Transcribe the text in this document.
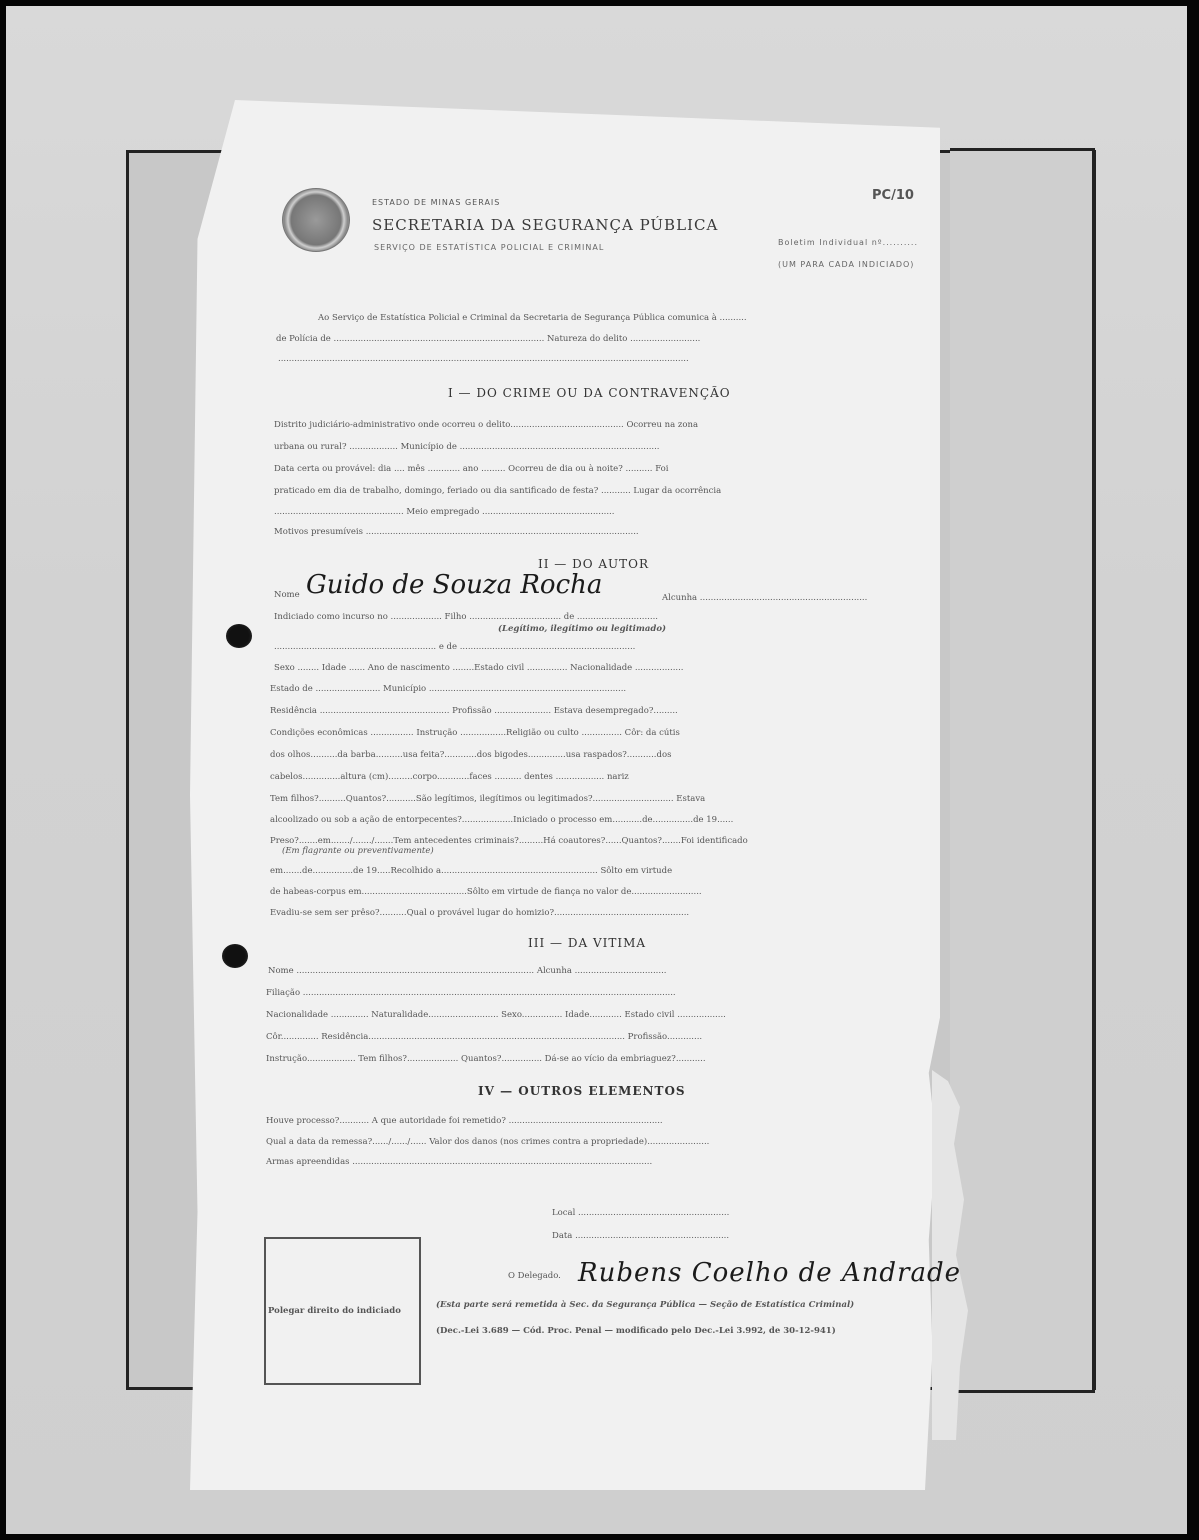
ESTADO DE MINAS GERAIS
SECRETARIA DA SEGURANÇA PÚBLICA
SERVIÇO DE ESTATÍSTICA POLICIAL E CRIMINAL
PC/10
Boletim Individual nº..........
(UM PARA CADA INDICIADO)
Ao Serviço de Estatística Policial e Criminal da Secretaria de Segurança Pública comunica à ..........
de Polícia de .............................................................................. Natureza do delito ..........................
........................................................................................................................................................
I — DO CRIME OU DA CONTRAVENÇÃO
Distrito judiciário-administrativo onde ocorreu o delito.......................................... Ocorreu na zona
urbana ou rural? .................. Município de ..........................................................................
Data certa ou provável: dia .... mês ............ ano ......... Ocorreu de dia ou à noite? .......... Foi
praticado em dia de trabalho, domingo, feriado ou dia santificado de festa? ........... Lugar da ocorrência
................................................ Meio empregado .................................................
Motivos presumíveis .....................................................................................................
II — DO AUTOR
Nome Guido de Souza Rocha	Alcunha ..............................................................
Indiciado como incurso no ................... Filho .................................. de ..............................
(Legítimo, ilegítimo ou legitimado)
............................................................ e de .................................................................
Sexo ........ Idade ...... Ano de nascimento ........Estado civil ............... Nacionalidade ..................
Estado de ........................ Município .........................................................................
Residência ................................................ Profissão ..................... Estava desempregado?.........
Condições econômicas ................ Instrução .................Religião ou culto ............... Côr: da cútis
dos olhos..........da barba..........usa feita?............dos bigodes..............usa raspados?...........dos
cabelos..............altura (cm).........corpo............faces .......... dentes .................. nariz
Tem filhos?..........Quantos?...........São legítimos, ilegítimos ou legitimados?.............................. Estava
alcoolizado ou sob a ação de entorpecentes?...................Iniciado o processo em...........de...............de 19......
Preso?.......em......./......./.......Tem antecedentes criminais?.........Há coautores?......Quantos?.......Foi identificado
(Em flagrante ou preventivamente)
em.......de...............de 19.....Recolhido a.......................................................... Sôlto em virtude
de habeas-corpus em.......................................Sôlto em virtude de fiança no valor de..........................
Evadiu-se sem ser prêso?..........Qual o provável lugar do homizio?..................................................
III — DA VITIMA
Nome ........................................................................................ Alcunha ..................................
Filiação ..........................................................................................................................................
Nacionalidade .............. Naturalidade.......................... Sexo............... Idade............ Estado civil ..................
Côr.............. Residência............................................................................................... Profissão.............
Instrução.................. Tem filhos?................... Quantos?............... Dá-se ao vício da embriaguez?...........
IV — OUTROS ELEMENTOS
Houve processo?........... A que autoridade foi remetido? .........................................................
Qual a data da remessa?....../....../...... Valor dos danos (nos crimes contra a propriedade).......................
Armas apreendidas ...............................................................................................................
Local ........................................................
Data .........................................................
Polegar direito do indiciado
O Delegado. Rubens Coelho de Andrade
(Esta parte será remetida à Sec. da Segurança Pública — Seção de Estatística Criminal)
(Dec.-Lei 3.689 — Cód. Proc. Penal — modificado pelo Dec.-Lei 3.992, de 30-12-941)
